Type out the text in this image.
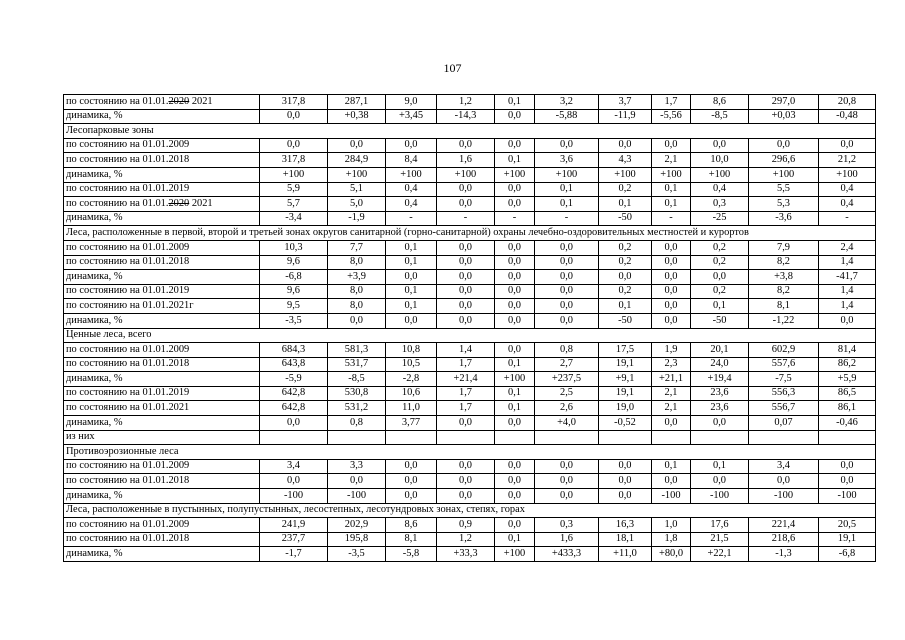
107
по состоянию на 01.01.2020 2021	317,8	287,1	9,0	1,2	0,1	3,2	3,7	1,7	8,6	297,0	20,8
динамика, %	0,0	+0,38	+3,45	-14,3	0,0	-5,88	-11,9	-5,56	-8,5	+0,03	-0,48
Лесопарковые зоны											
по состоянию на 01.01.2009	0,0	0,0	0,0	0,0	0,0	0,0	0,0	0,0	0,0	0,0	0,0
по состоянию на 01.01.2018	317,8	284,9	8,4	1,6	0,1	3,6	4,3	2,1	10,0	296,6	21,2
динамика, %	+100	+100	+100	+100	+100	+100	+100	+100	+100	+100	+100
по состоянию на 01.01.2019	5,9	5,1	0,4	0,0	0,0	0,1	0,2	0,1	0,4	5,5	0,4
по состоянию на 01.01.2020 2021	5,7	5,0	0,4	0,0	0,0	0,1	0,1	0,1	0,3	5,3	0,4
динамика, %	-3,4	-1,9	-	-	-	-	-50	-	-25	-3,6	-
Леса, расположенные в первой, второй и третьей зонах округов санитарной (горно-санитарной) охраны лечебно-оздоровительных местностей и курортов											
по состоянию на 01.01.2009	10,3	7,7	0,1	0,0	0,0	0,0	0,2	0,0	0,2	7,9	2,4
по состоянию на 01.01.2018	9,6	8,0	0,1	0,0	0,0	0,0	0,2	0,0	0,2	8,2	1,4
динамика, %	-6,8	+3,9	0,0	0,0	0,0	0,0	0,0	0,0	0,0	+3,8	-41,7
по состоянию на 01.01.2019	9,6	8,0	0,1	0,0	0,0	0,0	0,2	0,0	0,2	8,2	1,4
по состоянию на 01.01.2021г	9,5	8,0	0,1	0,0	0,0	0,0	0,1	0,0	0,1	8,1	1,4
динамика, %	-3,5	0,0	0,0	0,0	0,0	0,0	-50	0,0	-50	-1,22	0,0
Ценные леса, всего											
по состоянию на 01.01.2009	684,3	581,3	10,8	1,4	0,0	0,8	17,5	1,9	20,1	602,9	81,4
по состоянию на 01.01.2018	643,8	531,7	10,5	1,7	0,1	2,7	19,1	2,3	24,0	557,6	86,2
динамика, %	-5,9	-8,5	-2,8	+21,4	+100	+237,5	+9,1	+21,1	+19,4	-7,5	+5,9
по состоянию на 01.01.2019	642,8	530,8	10,6	1,7	0,1	2,5	19,1	2,1	23,6	556,3	86,5
по состоянию на 01.01.2021	642,8	531,2	11,0	1,7	0,1	2,6	19,0	2,1	23,6	556,7	86,1
динамика, %	0,0	0,8	3,77	0,0	0,0	+4,0	-0,52	0,0	0,0	0,07	-0,46
из них											
Противоэрозионные леса											
по состоянию на 01.01.2009	3,4	3,3	0,0	0,0	0,0	0,0	0,0	0,1	0,1	3,4	0,0
по состоянию на 01.01.2018	0,0	0,0	0,0	0,0	0,0	0,0	0,0	0,0	0,0	0,0	0,0
динамика, %	-100	-100	0,0	0,0	0,0	0,0	0,0	-100	-100	-100	-100
Леса, расположенные в пустынных, полупустынных, лесостепных, лесотундровых зонах, степях, горах											
по состоянию на 01.01.2009	241,9	202,9	8,6	0,9	0,0	0,3	16,3	1,0	17,6	221,4	20,5
по состоянию на 01.01.2018	237,7	195,8	8,1	1,2	0,1	1,6	18,1	1,8	21,5	218,6	19,1
динамика, %	-1,7	-3,5	-5,8	+33,3	+100	+433,3	+11,0	+80,0	+22,1	-1,3	-6,8
